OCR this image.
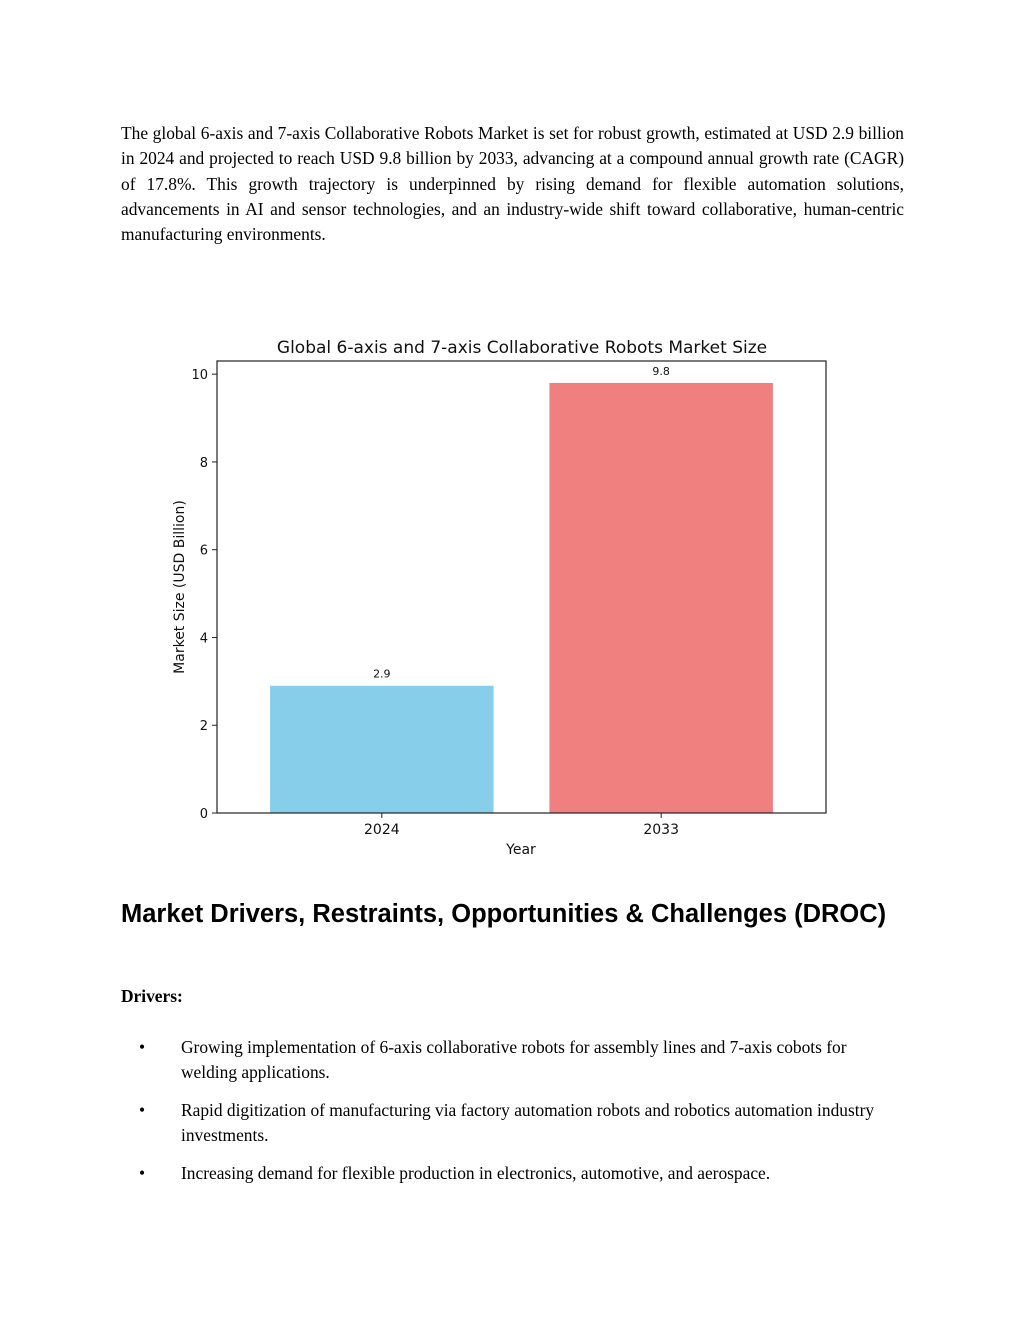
The global 6-axis and 7-axis Collaborative Robots Market is set for robust growth, estimated at USD 2.9 billion in 2024 and projected to reach USD 9.8 billion by 2033, advancing at a compound annual growth rate (CAGR) of 17.8%. This growth trajectory is underpinned by rising demand for flexible automation solutions, advancements in AI and sensor technologies, and an industry-wide shift toward collaborative, human-centric manufacturing environments.

Global 6-axis and 7-axis Collaborative Robots Market Size
0
2
4
6
8
10
2.9
2024
9.8
2033
Year
Market Size (USD Billion)
Market Drivers, Restraints, Opportunities & Challenges (DROC)

Drivers:

• Growing implementation of 6-axis collaborative robots for assembly lines and 7-axis cobots for welding applications.
• Rapid digitization of manufacturing via factory automation robots and robotics automation industry investments.
• Increasing demand for flexible production in electronics, automotive, and aerospace.
